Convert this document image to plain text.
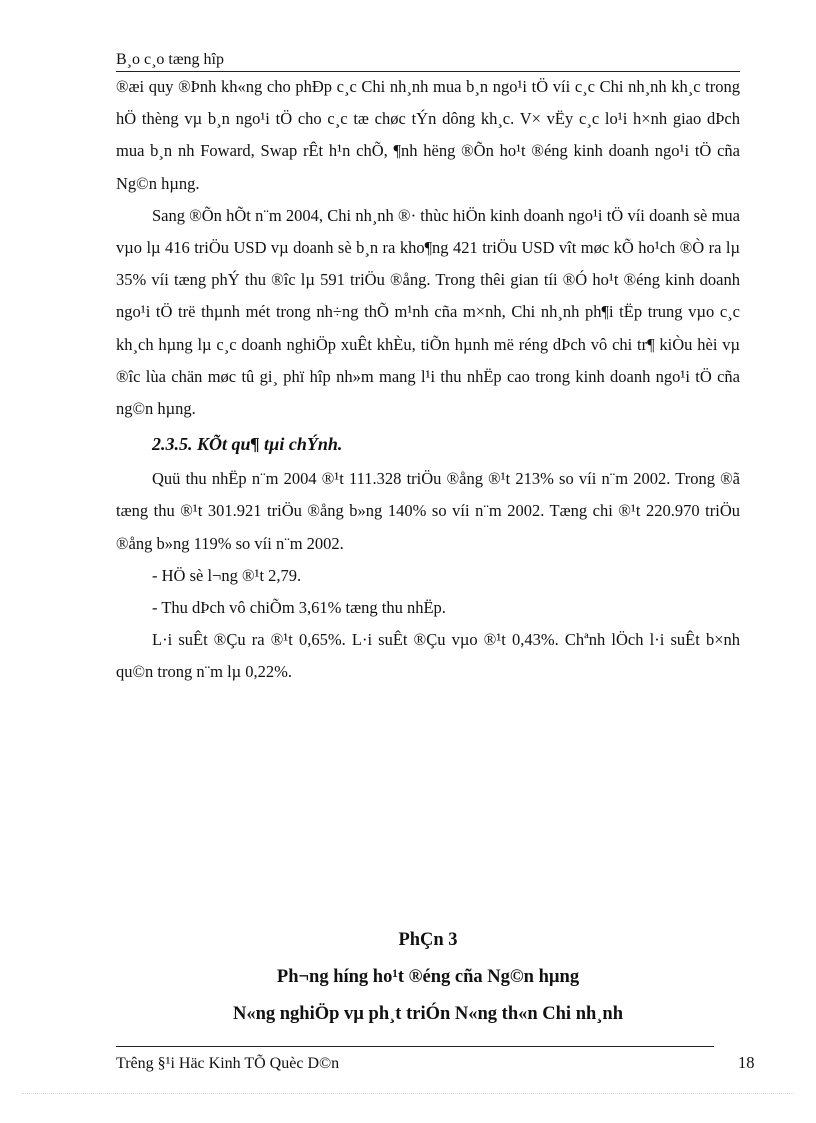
B¸o c¸o tæng hîp

®æi quy ®Þnh kh«ng cho phÐp c¸c Chi nh¸nh mua b¸n ngo¹i tÖ víi c¸c Chi nh¸nh kh¸c trong hÖ thèng vµ b¸n ngo¹i tÖ cho c¸c tæ chøc tÝn dông kh¸c. V× vËy c¸c lo¹i h×nh giao dÞch mua b¸n nh Foward, Swap rÊt h¹n chÕ, ¶nh hëng ®Õn ho¹t ®éng kinh doanh ngo¹i tÖ cña Ng©n hµng.

Sang ®Õn hÕt n¨m 2004, Chi nh¸nh ®· thùc hiÖn kinh doanh ngo¹i tÖ víi doanh sè mua vµo lµ 416 triÖu USD vµ doanh sè b¸n ra kho¶ng 421 triÖu USD vît møc kÕ ho¹ch ®Ò ra lµ 35% víi tæng phÝ thu ®îc lµ 591 triÖu ®ång. Trong thêi gian tíi ®Ó ho¹t ®éng kinh doanh ngo¹i tÖ trë thµnh mét trong nh÷ng thÕ m¹nh cña m×nh, Chi nh¸nh ph¶i tËp trung vµo c¸c kh¸ch hµng lµ c¸c doanh nghiÖp xuÊt khÈu, tiÕn hµnh më réng dÞch vô chi tr¶ kiÒu hèi vµ ®îc lùa chän møc tû gi¸ phï hîp nh»m mang l¹i thu nhËp cao trong kinh doanh ngo¹i tÖ cña ng©n hµng.

2.3.5. KÕt qu¶ tµi chÝnh.

Quü thu nhËp n¨m 2004 ®¹t 111.328 triÖu ®ång ®¹t 213% so víi n¨m 2002. Trong ®ã tæng thu ®¹t 301.921 triÖu ®ång b»ng 140% so víi n¨m 2002. Tæng chi ®¹t 220.970 triÖu ®ång b»ng 119% so víi n¨m 2002.

- HÖ sè l¬ng ®¹t 2,79.

- Thu dÞch vô chiÕm 3,61% tæng thu nhËp.

L·i suÊt ®Çu ra ®¹t 0,65%. L·i suÊt ®Çu vµo ®¹t 0,43%. Chªnh lÖch l·i suÊt b×nh qu©n trong n¨m lµ 0,22%.

PhÇn 3
Ph¬ng híng ho¹t ®éng cña Ng©n hµng
N«ng nghiÖp vµ ph¸t triÓn N«ng th«n Chi nh¸nh
Trêng §¹i Häc Kinh TÕ Quèc D©n	18
